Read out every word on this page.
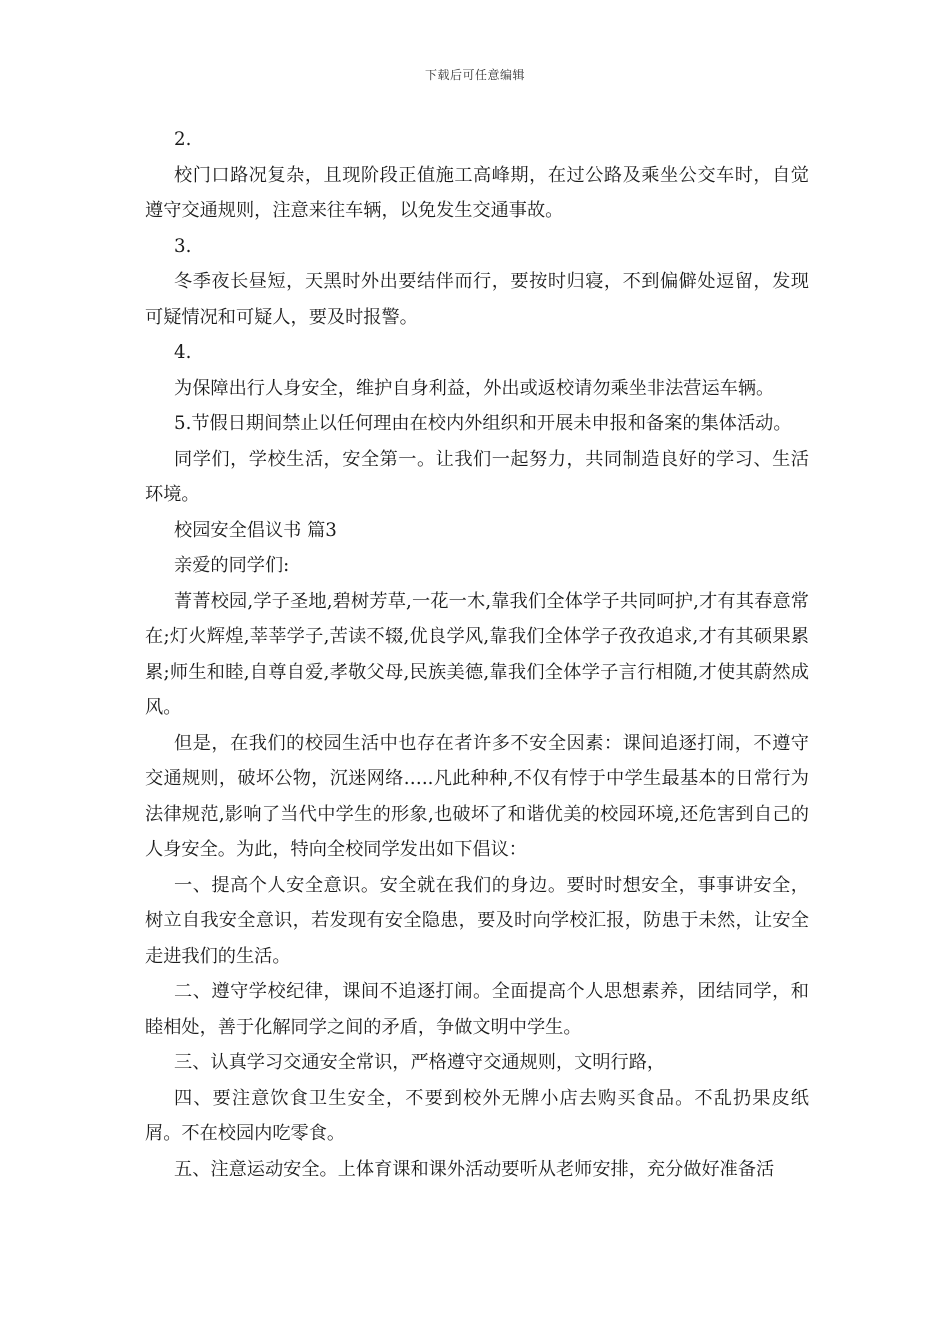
下载后可任意编辑

2.

校门口路况复杂，且现阶段正值施工高峰期，在过公路及乘坐公交车时，自觉遵守交通规则，注意来往车辆，以免发生交通事故。

3.

冬季夜长昼短，天黑时外出要结伴而行，要按时归寝，不到偏僻处逗留，发现可疑情况和可疑人，要及时报警。

4.

为保障出行人身安全，维护自身利益，外出或返校请勿乘坐非法营运车辆。

5.节假日期间禁止以任何理由在校内外组织和开展未申报和备案的集体活动。

同学们，学校生活，安全第一。让我们一起努力，共同制造良好的学习、生活环境。

校园安全倡议书 篇3

亲爱的同学们:

菁菁校园,学子圣地,碧树芳草,一花一木,靠我们全体学子共同呵护,才有其春意常在;灯火辉煌,莘莘学子,苦读不辍,优良学风,靠我们全体学子孜孜追求,才有其硕果累累;师生和睦,自尊自爱,孝敬父母,民族美德,靠我们全体学子言行相随,才使其蔚然成风。

但是，在我们的校园生活中也存在者许多不安全因素：课间追逐打闹，不遵守交通规则，破坏公物，沉迷网络…..凡此种种,不仅有悖于中学生最基本的日常行为法律规范,影响了当代中学生的形象,也破坏了和谐优美的校园环境,还危害到自己的人身安全。为此，特向全校同学发出如下倡议：

一、提高个人安全意识。安全就在我们的身边。要时时想安全，事事讲安全，树立自我安全意识，若发现有安全隐患，要及时向学校汇报，防患于未然，让安全走进我们的生活。

二、遵守学校纪律，课间不追逐打闹。全面提高个人思想素养，团结同学，和睦相处，善于化解同学之间的矛盾，争做文明中学生。

三、认真学习交通安全常识，严格遵守交通规则，文明行路，

四、要注意饮食卫生安全，不要到校外无牌小店去购买食品。不乱扔果皮纸屑。不在校园内吃零食。

五、注意运动安全。上体育课和课外活动要听从老师安排，充分做好准备活
